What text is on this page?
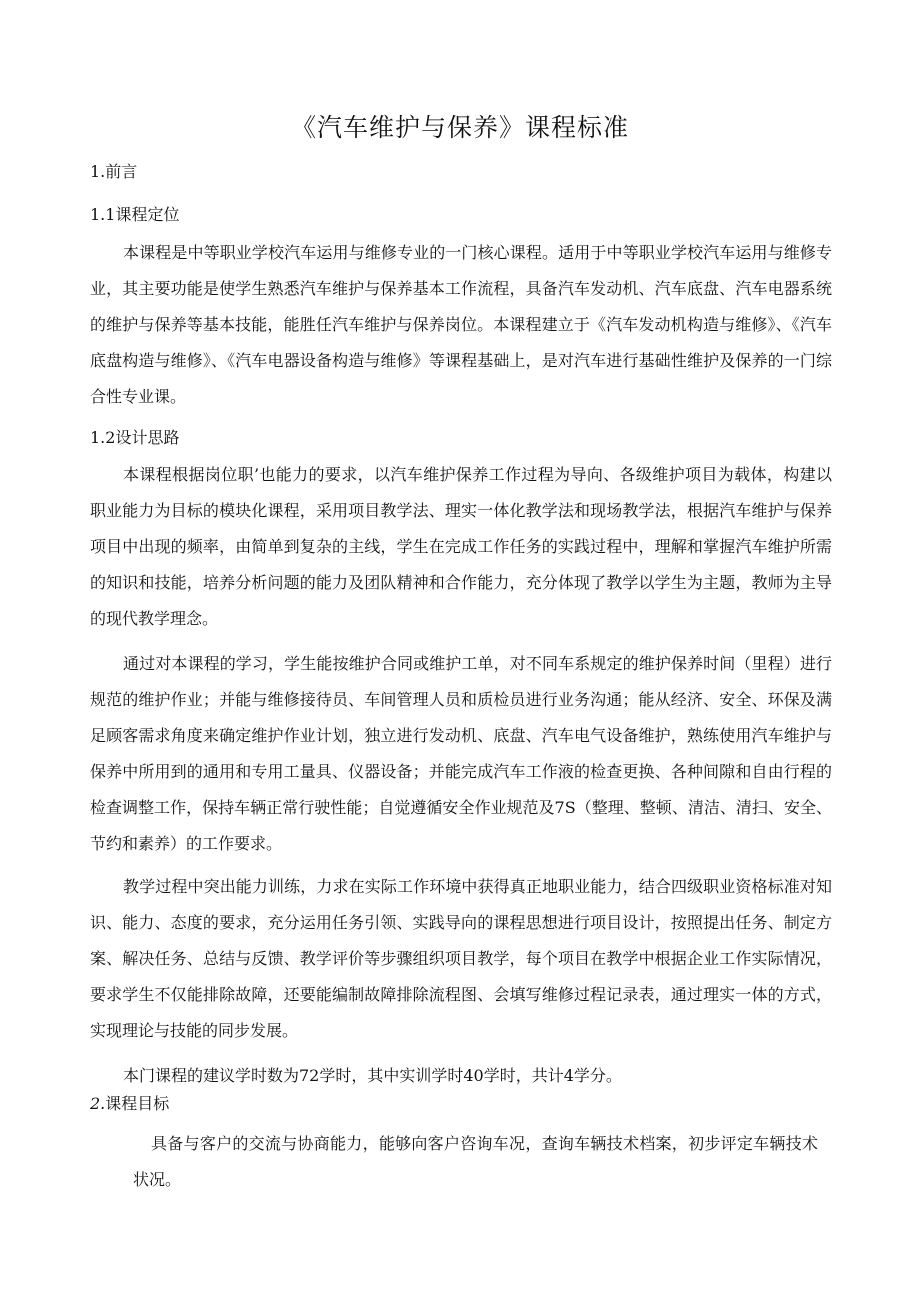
《汽车维护与保养》课程标准
1.前言
1.1课程定位
本课程是中等职业学校汽车运用与维修专业的一门核心课程。适用于中等职业学校汽车运用与维修专业，其主要功能是使学生熟悉汽车维护与保养基本工作流程，具备汽车发动机、汽车底盘、汽车电器系统的维护与保养等基本技能，能胜任汽车维护与保养岗位。本课程建立于《汽车发动机构造与维修》、《汽车底盘构造与维修》、《汽车电器设备构造与维修》等课程基础上，是对汽车进行基础性维护及保养的一门综合性专业课。
1.2设计思路
本课程根据岗位职’也能力的要求，以汽车维护保养工作过程为导向、各级维护项目为载体，构建以职业能力为目标的模块化课程，采用项目教学法、理实一体化教学法和现场教学法，根据汽车维护与保养项目中出现的频率，由简单到复杂的主线，学生在完成工作任务的实践过程中，理解和掌握汽车维护所需的知识和技能，培养分析问题的能力及团队精神和合作能力，充分体现了教学以学生为主题，教师为主导的现代教学理念。
通过对本课程的学习，学生能按维护合同或维护工单，对不同车系规定的维护保养时间（里程）进行规范的维护作业；并能与维修接待员、车间管理人员和质检员进行业务沟通；能从经济、安全、环保及满足顾客需求角度来确定维护作业计划，独立进行发动机、底盘、汽车电气设备维护，熟练使用汽车维护与保养中所用到的通用和专用工量具、仪器设备；并能完成汽车工作液的检查更换、各种间隙和自由行程的检查调整工作，保持车辆正常行驶性能；自觉遵循安全作业规范及7S（整理、整顿、清洁、清扫、安全、节约和素养）的工作要求。
教学过程中突出能力训练，力求在实际工作环境中获得真正地职业能力，结合四级职业资格标准对知识、能力、态度的要求，充分运用任务引领、实践导向的课程思想进行项目设计，按照提出任务、制定方案、解决任务、总结与反馈、教学评价等步骤组织项目教学，每个项目在教学中根据企业工作实际情况，要求学生不仅能排除故障，还要能编制故障排除流程图、会填写维修过程记录表，通过理实一体的方式，实现理论与技能的同步发展。
本门课程的建议学时数为72学时，其中实训学时40学时，共计4学分。
2.课程目标
具备与客户的交流与协商能力，能够向客户咨询车况，查询车辆技术档案，初步评定车辆技术状况。
